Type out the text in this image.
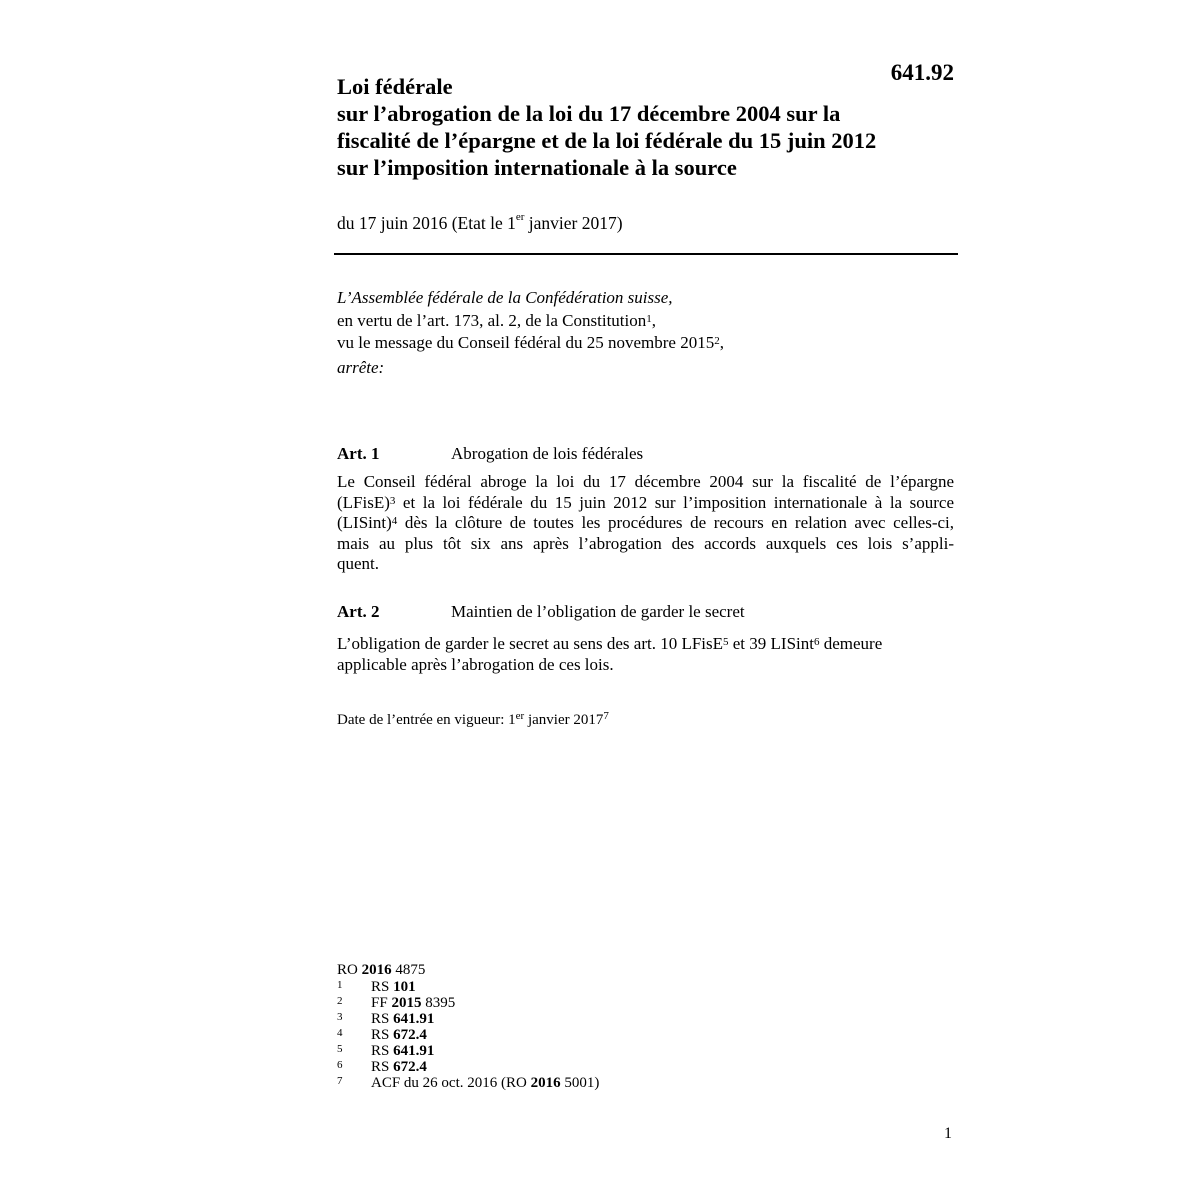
641.92
Loi fédérale
sur l’abrogation de la loi du 17 décembre 2004 sur la
fiscalité de l’épargne et de la loi fédérale du 15 juin 2012
sur l’imposition internationale à la source
du 17 juin 2016 (Etat le 1er janvier 2017)
L’Assemblée fédérale de la Confédération suisse,
en vertu de l’art. 173, al. 2, de la Constitution$^1$,
vu le message du Conseil fédéral du 25 novembre 2015$^2$,
arrête:
Art. 1	Abrogation de lois fédérales
Le Conseil fédéral abroge la loi du 17 décembre 2004 sur la fiscalité de l’épargne
(LFisE)$^3$ et la loi fédérale du 15 juin 2012 sur l’imposition internationale à la source
(LISint)$^4$ dès la clôture de toutes les procédures de recours en relation avec celles-ci,
mais au plus tôt six ans après l’abrogation des accords auxquels ces lois s’appli-
quent.
Art. 2	Maintien de l’obligation de garder le secret
L’obligation de garder le secret au sens des art. 10 LFisE$^5$ et 39 LISint$^6$ demeure
applicable après l’abrogation de ces lois.
Date de l’entrée en vigueur: 1er janvier 2017$^7$
RO 2016 4875
1	RS 101
2	FF 2015 8395
3	RS 641.91
4	RS 672.4
5	RS 641.91
6	RS 672.4
7	ACF du 26 oct. 2016 (RO 2016 5001)
1
